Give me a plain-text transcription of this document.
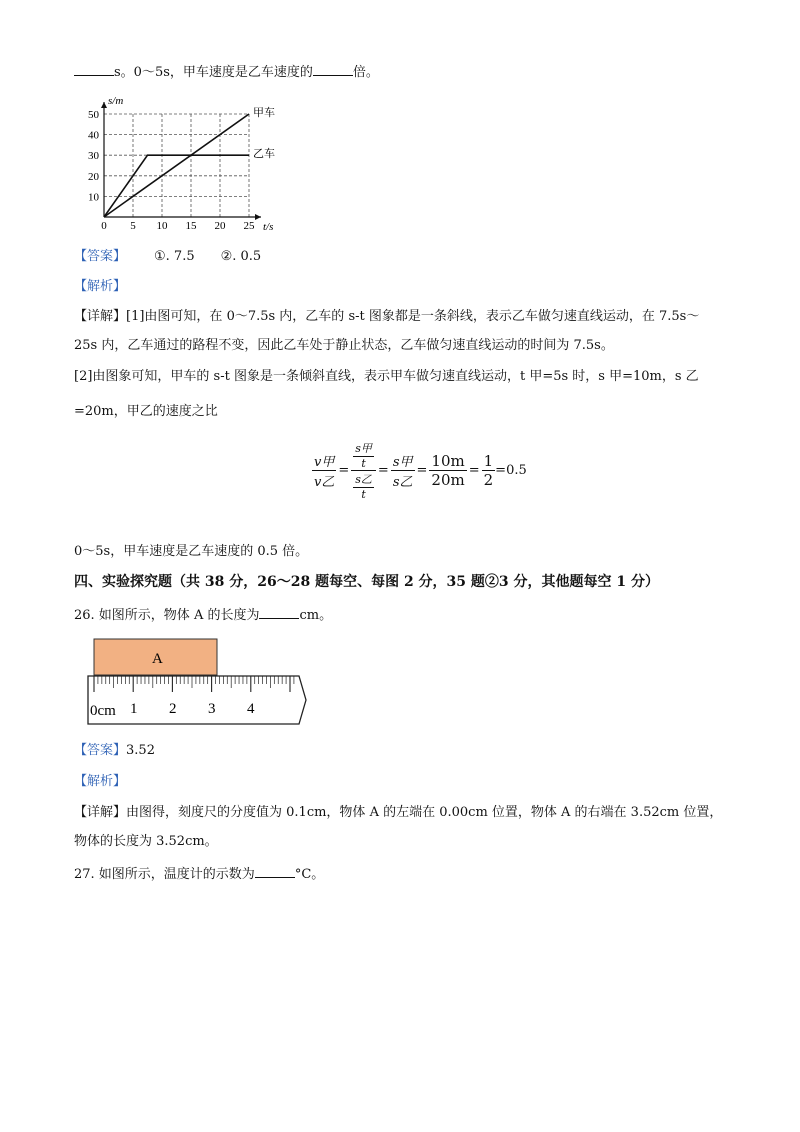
s。0～5s，甲车速度是乙车速度的	倍。
0 5 10 15 20 25
10
20
30
40
50
t/s
s/m
甲车
乙车
【答案】 ①. 7.5　　②. 0.5
【解析】
【详解】[1]由图可知，在 0～7.5s 内，乙车的 s-t 图象都是一条斜线，表示乙车做匀速直线运动，在 7.5s～
25s 内，乙车通过的路程不变，因此乙车处于静止状态，乙车做匀速直线运动的时间为 7.5s。
[2]由图象可知，甲车的 s-t 图象是一条倾斜直线，表示甲车做匀速直线运动，t 甲=5s 时，s 甲=10m，s 乙
=20m，甲乙的速度之比
$\frac{\text{v甲}}{\text{v乙}} = \frac{\frac{\text{s甲}}{t}}{\frac{\text{s乙}}{t}} = \frac{\text{s甲}}{\text{s乙}} = \frac{10m}{20m} = \frac{1}{2} =0.5$
0～5s，甲车速度是乙车速度的 0.5 倍。
四、实验探究题（共 38 分，26～28 题每空、每图 2 分，35 题②3 分，其他题每空 1 分）
26. 如图所示，物体 A 的长度为	cm。
A
0cm 1 2 3 4
【答案】3.52
【解析】
【详解】由图得，刻度尺的分度值为 0.1cm，物体 A 的左端在 0.00cm 位置，物体 A 的右端在 3.52cm 位置，
物体的长度为 3.52cm。
27. 如图所示，温度计的示数为	°C。
